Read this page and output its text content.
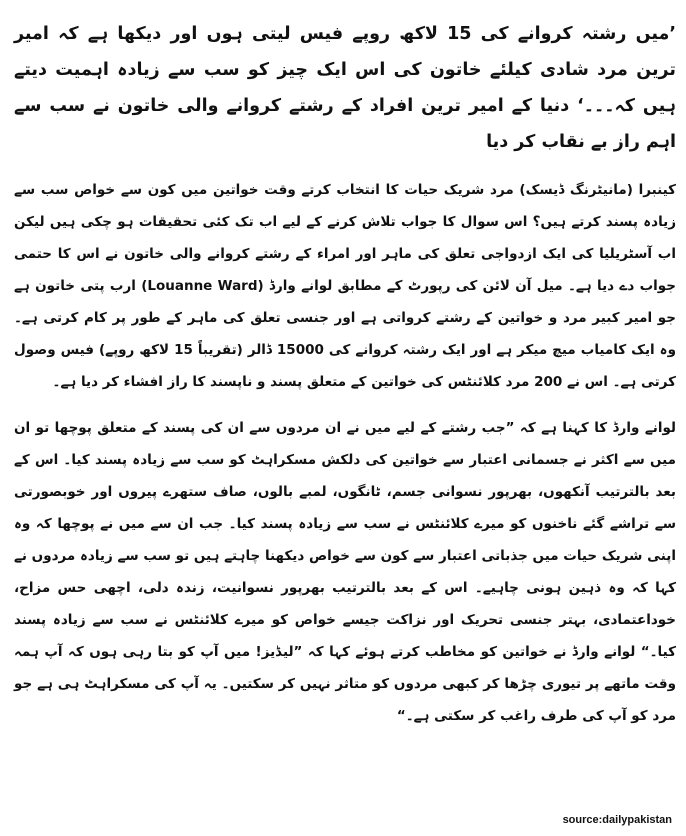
’میں رشتہ کروانے کی 15 لاکھ روپے فیس لیتی ہوں اور دیکھا ہے کہ امیر ترین مرد شادی کیلئے خاتون کی اس ایک چیز کو سب سے زیادہ اہمیت دیتے ہیں کہ۔۔۔‘ دنیا کے امیر ترین افراد کے رشتے کروانے والی خاتون نے سب سے اہم راز بے نقاب کر دیا

کینبرا (مانیٹرنگ ڈیسک) مرد شریک حیات کا انتخاب کرتے وقت خواتین میں کون سے خواص سب سے زیادہ پسند کرتے ہیں؟ اس سوال کا جواب تلاش کرنے کے لیے اب تک کئی تحقیقات ہو چکی ہیں لیکن اب آسٹریلیا کی ایک ازدواجی تعلق کی ماہر اور امراء کے رشتے کروانے والی خاتون نے اس کا حتمی جواب دے دیا ہے۔ میل آن لائن کی رپورٹ کے مطابق لوانے وارڈ (Louanne Ward) ارب پتی خاتون ہے جو امیر کبیر مرد و خواتین کے رشتے کرواتی ہے اور جنسی تعلق کی ماہر کے طور پر کام کرتی ہے۔ وہ ایک کامیاب میچ میکر ہے اور ایک رشتہ کروانے کی 15000 ڈالر (تقریباً 15 لاکھ روپے) فیس وصول کرتی ہے۔ اس نے 200 مرد کلائنٹس کی خواتین کے متعلق پسند و ناپسند کا راز افشاء کر دیا ہے۔

لوانے وارڈ کا کہنا ہے کہ ”جب رشتے کے لیے میں نے ان مردوں سے ان کی پسند کے متعلق پوچھا تو ان میں سے اکثر نے جسمانی اعتبار سے خواتین کی دلکش مسکراہٹ کو سب سے زیادہ پسند کیا۔ اس کے بعد بالترتیب آنکھوں، بھرپور نسوانی جسم، ٹانگوں، لمبے بالوں، صاف ستھرے پیروں اور خوبصورتی سے تراشے گئے ناخنوں کو میرے کلائنٹس نے سب سے زیادہ پسند کیا۔ جب ان سے میں نے پوچھا کہ وہ اپنی شریک حیات میں جذباتی اعتبار سے کون سے خواص دیکھنا چاہتے ہیں تو سب سے زیادہ مردوں نے کہا کہ وہ ذہین ہونی چاہیے۔ اس کے بعد بالترتیب بھرپور نسوانیت، زندہ دلی، اچھی حس مزاح، خوداعتمادی، بہتر جنسی تحریک اور نزاکت جیسے خواص کو میرے کلائنٹس نے سب سے زیادہ پسند کیا۔“ لوانے وارڈ نے خواتین کو مخاطب کرتے ہوئے کہا کہ ”لیڈیز! میں آپ کو بتا رہی ہوں کہ آپ ہمہ وقت ماتھے پر تیوری چڑھا کر کبھی مردوں کو متاثر نہیں کر سکتیں۔ یہ آپ کی مسکراہٹ ہی ہے جو مرد کو آپ کی طرف راغب کر سکتی ہے۔“

source:dailypakistan
